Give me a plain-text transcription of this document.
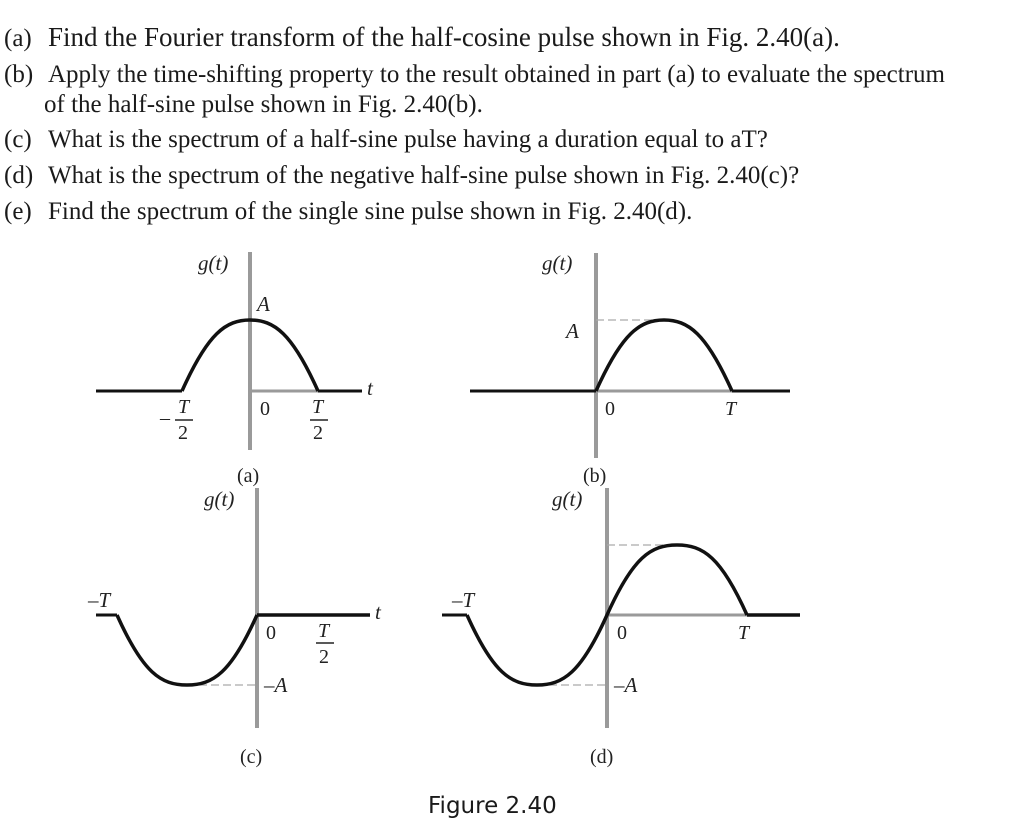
(a) Find the Fourier transform of the half-cosine pulse shown in Fig. 2.40(a).
(b) Apply the time-shifting property to the result obtained in part (a) to evaluate the spectrum
of the half-sine pulse shown in Fig. 2.40(b).
(c) What is the spectrum of a half-sine pulse having a duration equal to aT?
(d) What is the spectrum of the negative half-sine pulse shown in Fig. 2.40(c)?
(e) Find the spectrum of the single sine pulse shown in Fig. 2.40(d).
g(t)
A
t
0
– T
2
T
2
(a)
g(t)
A
0	T
(b)
g(t)
–T	t
0 T
2
–A
(c)
g(t)
–T
0	T
–A
(d)
Figure 2.40
